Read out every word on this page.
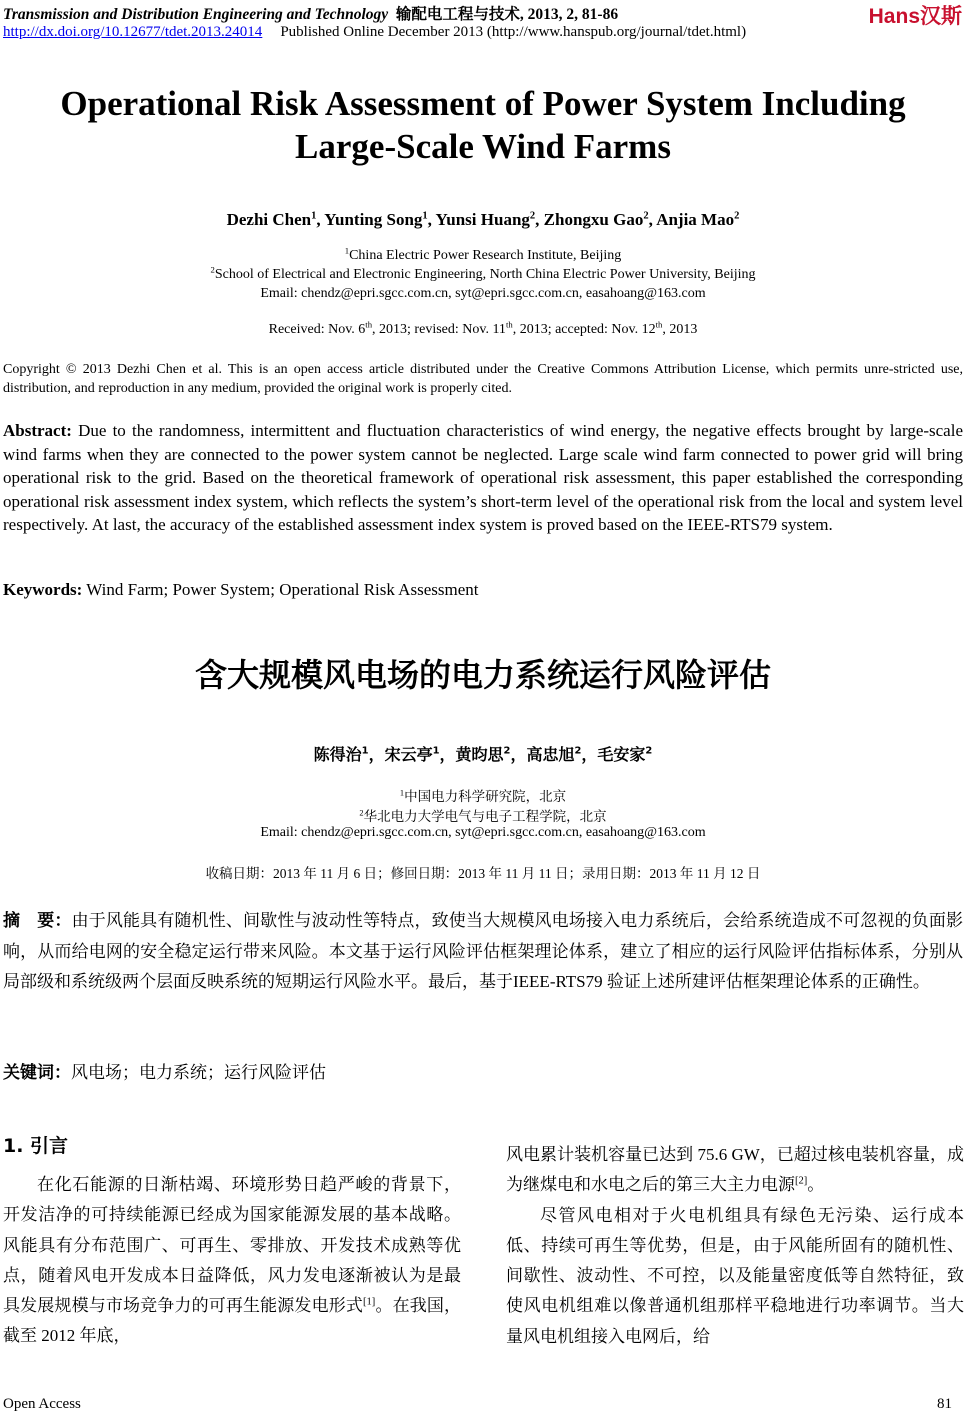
Transmission and Distribution Engineering and Technology 输配电工程与技术, 2013, 2, 81-86	Hans汉斯
http://dx.doi.org/10.12677/tdet.2013.24014 Published Online December 2013 (http://www.hanspub.org/journal/tdet.html)
Operational Risk Assessment of Power System Including
Large-Scale Wind Farms
Dezhi Chen$^1$, Yunting Song$^1$, Yunsi Huang$^2$, Zhongxu Gao$^2$, Anjia Mao$^2$
$^1$China Electric Power Research Institute, Beijing
$^2$School of Electrical and Electronic Engineering, North China Electric Power University, Beijing
Email: chendz@epri.sgcc.com.cn, syt@epri.sgcc.com.cn, easahoang@163.com
Received: Nov. 6th, 2013; revised: Nov. 11th, 2013; accepted: Nov. 12th, 2013
Copyright © 2013 Dezhi Chen et al. This is an open access article distributed under the Creative Commons Attribution License, which permits unre-stricted use, distribution, and reproduction in any medium, provided the original work is properly cited.
Abstract: Due to the randomness, intermittent and fluctuation characteristics of wind energy, the negative effects brought by large-scale wind farms when they are connected to the power system cannot be neglected. Large scale wind farm connected to power grid will bring operational risk to the grid. Based on the theoretical framework of operational risk assessment, this paper established the corresponding operational risk assessment index system, which reflects the system’s short-term level of the operational risk from the local and system level respectively. At last, the accuracy of the established assessment index system is proved based on the IEEE-RTS79 system.
Keywords: Wind Farm; Power System; Operational Risk Assessment
含大规模风电场的电力系统运行风险评估
陈得治$^1$，宋云亭$^1$，黄昀思$^2$，高忠旭$^2$，毛安家$^2$
$^1$中国电力科学研究院，北京
$^2$华北电力大学电气与电子工程学院，北京
Email: chendz@epri.sgcc.com.cn, syt@epri.sgcc.com.cn, easahoang@163.com
收稿日期：2013 年 11 月 6 日；修回日期：2013 年 11 月 11 日；录用日期：2013 年 11 月 12 日
摘　要：由于风能具有随机性、间歇性与波动性等特点，致使当大规模风电场接入电力系统后，会给系统造成不可忽视的负面影响，从而给电网的安全稳定运行带来风险。本文基于运行风险评估框架理论体系，建立了相应的运行风险评估指标体系，分别从局部级和系统级两个层面反映系统的短期运行风险水平。最后，基于IEEE-RTS79 验证上述所建评估框架理论体系的正确性。
关键词：风电场；电力系统；运行风险评估
1. 引言
在化石能源的日渐枯竭、环境形势日趋严峻的背景下，开发洁净的可持续能源已经成为国家能源发展的基本战略。风能具有分布范围广、可再生、零排放、开发技术成熟等优点，随着风电开发成本日益降低，风力发电逐渐被认为是最具发展规模与市场竞争力的可再生能源发电形式[1]。在我国，截至 2012 年底，
风电累计装机容量已达到 75.6 GW，已超过核电装机容量，成为继煤电和水电之后的第三大主力电源[2]。
尽管风电相对于火电机组具有绿色无污染、运行成本低、持续可再生等优势，但是，由于风能所固有的随机性、间歇性、波动性、不可控，以及能量密度低等自然特征，致使风电机组难以像普通机组那样平稳地进行功率调节。当大量风电机组接入电网后，给
Open Access	81
